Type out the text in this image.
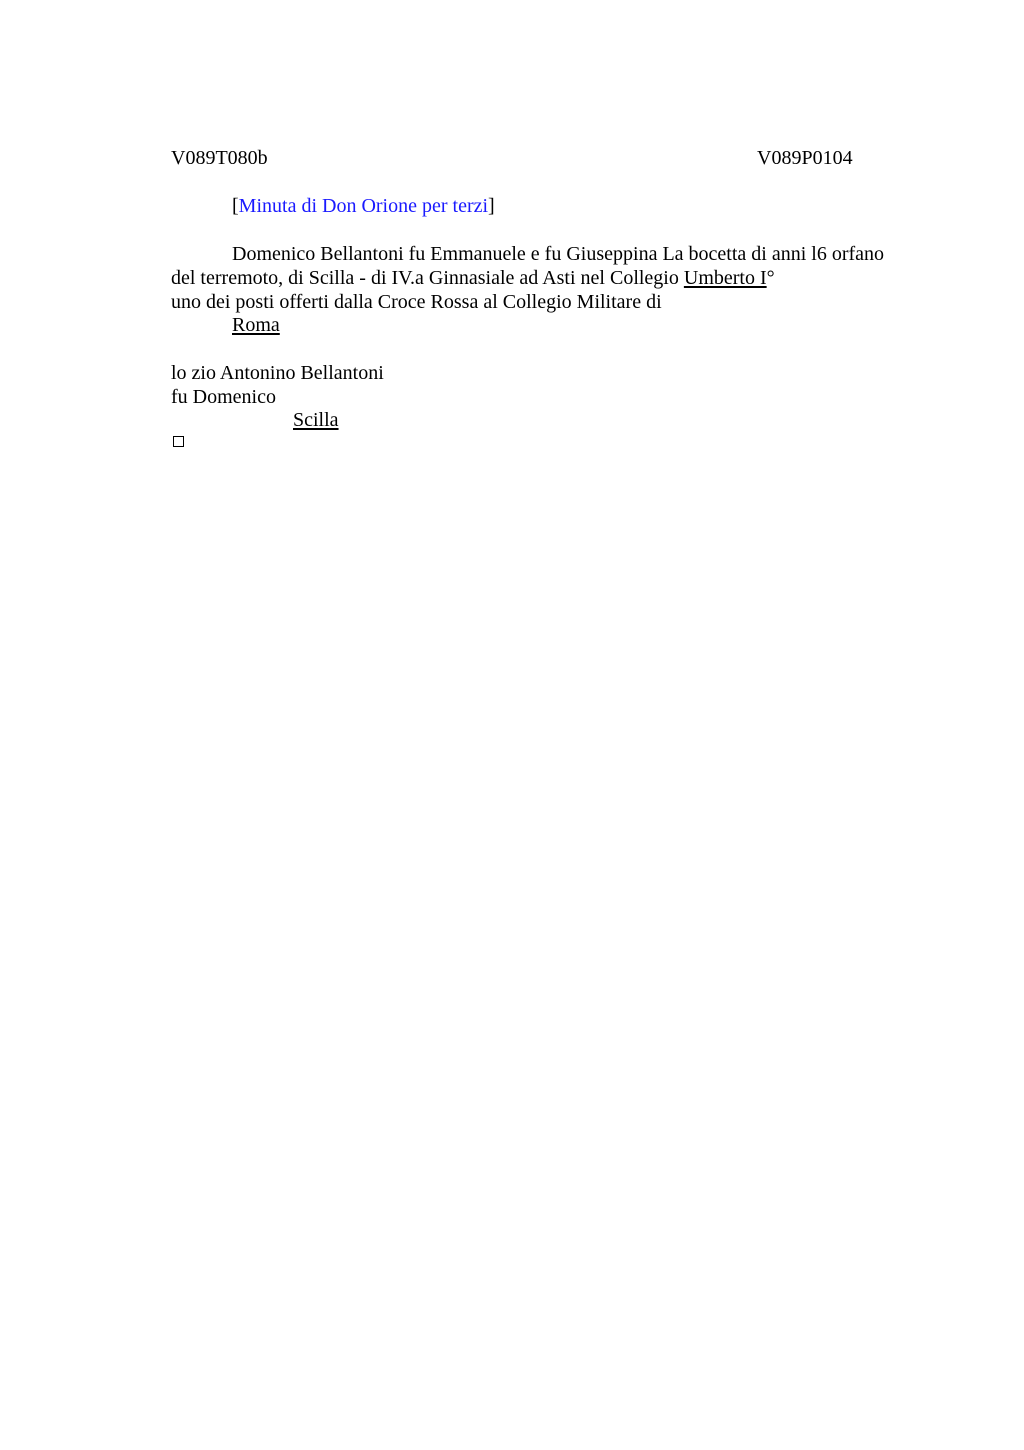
V089T080b	V089P0104
[Minuta di Don Orione per terzi]
Domenico Bellantoni fu Emmanuele e fu Giuseppina La bocetta di anni l6 orfano
del terremoto, di Scilla - di IV.a Ginnasiale ad Asti nel Collegio Umberto I°
uno dei posti offerti dalla Croce Rossa al Collegio Militare di
Roma
lo zio Antonino Bellantoni
fu Domenico
Scilla
